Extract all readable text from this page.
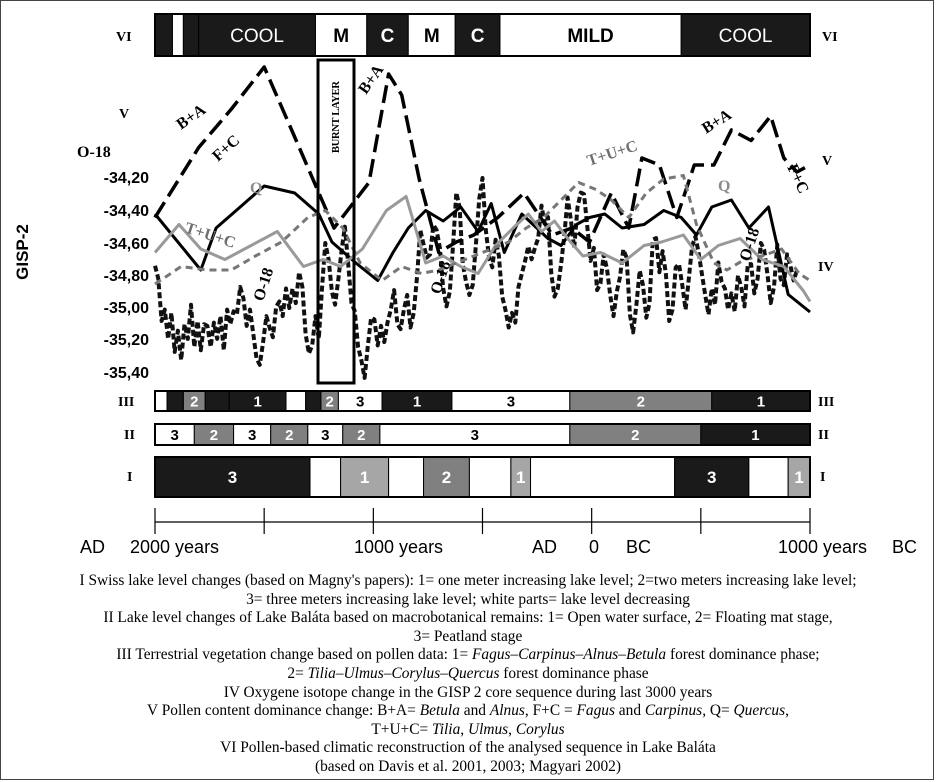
COOL	M C M C	MILD	COOL
2	1	2 3	1	3	2	1
3 2 3 2 3 2	3	2	1
3	1	2	1	3	1
VI	VI
V
V
IV
III	III
II	II
I	I
GISP-2
O-18
-34,20
-34,40
-34,60
-34,80
-35,00
-35,20
-35,40
BURNT LAYER
B+A
F+C
Q
T+U+C
B+A
T+U+C
B+A
Q	F+C
O-18	O-18
O-18
AD 2000 years	1000 years	AD 0 BC	1000 years BC
I Swiss lake level changes (based on Magny's papers): 1= one meter increasing lake level; 2=two meters increasing lake level;
3= three meters increasing lake level; white parts= lake level decreasing
II Lake level changes of Lake Baláta based on macrobotanical remains: 1= Open water surface, 2= Floating mat stage,
3= Peatland stage
III Terrestrial vegetation change based on pollen data: 1= Fagus–Carpinus–Alnus–Betula forest dominance phase;
2= Tilia–Ulmus–Corylus–Quercus forest dominance phase
IV Oxygene isotope change in the GISP 2 core sequence during last 3000 years
V Pollen content dominance change: B+A= Betula and Alnus, F+C = Fagus and Carpinus, Q= Quercus,
T+U+C= Tilia, Ulmus, Corylus
VI Pollen-based climatic reconstruction of the analysed sequence in Lake Baláta
(based on Davis et al. 2001, 2003; Magyari 2002)
